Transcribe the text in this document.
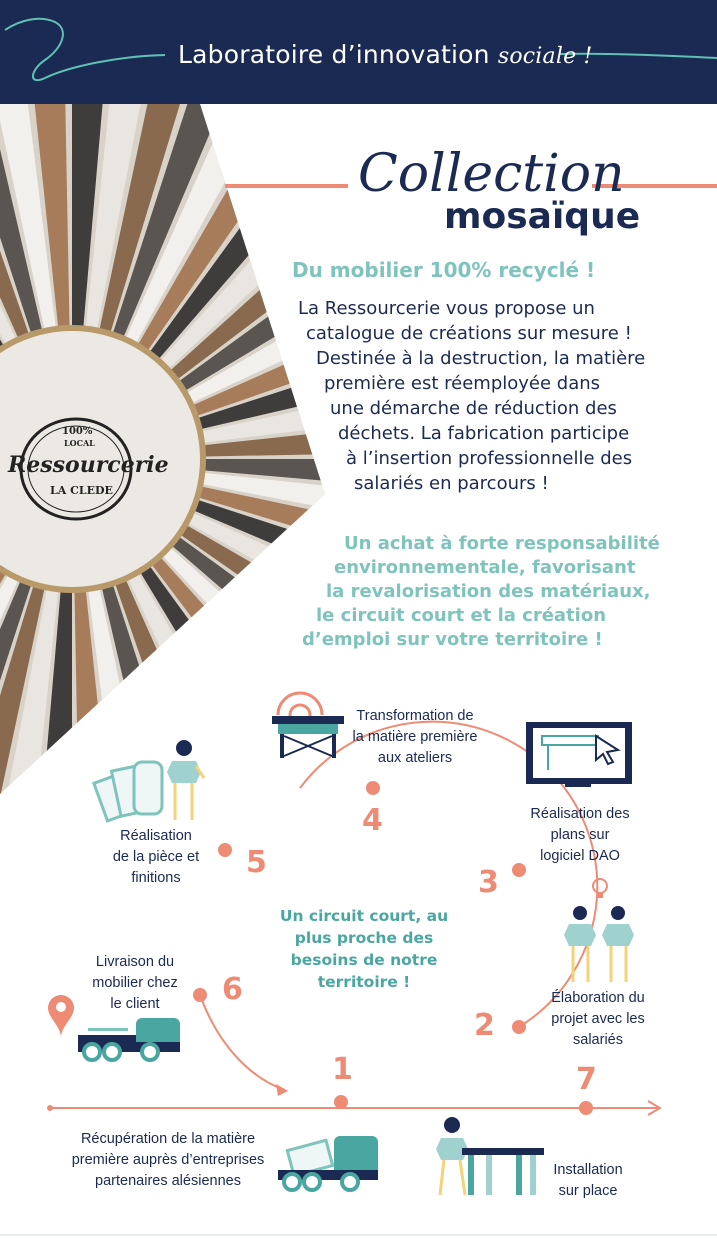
Laboratoire d’innovation sociale !
100%
LOCAL
Ressourcerie
LA CLEDE
Collection
mosaïque
Du mobilier 100% recyclé !
La Ressourcerie vous propose un
catalogue de créations sur mesure !
Destinée à la destruction, la matière
première est réemployée dans
une démarche de réduction des
déchets. La fabrication participe
à l’insertion professionnelle des
salariés en parcours !
Un achat à forte responsabilité
environnementale, favorisant
la revalorisation des matériaux,
le circuit court et la création
d’emploi sur votre territoire !
Transformation de la matière première aux ateliers
Réalisation des plans sur logiciel DAO
Réalisation de la pièce et finitions
Élaboration du projet avec les salariés
Livraison du mobilier chez le client
Récupération de la matière première auprès d’entreprises partenaires alésiennes
Installation sur place
Un circuit court, au plus proche des besoins de notre territoire !
4
5
3
6
2
1	7
